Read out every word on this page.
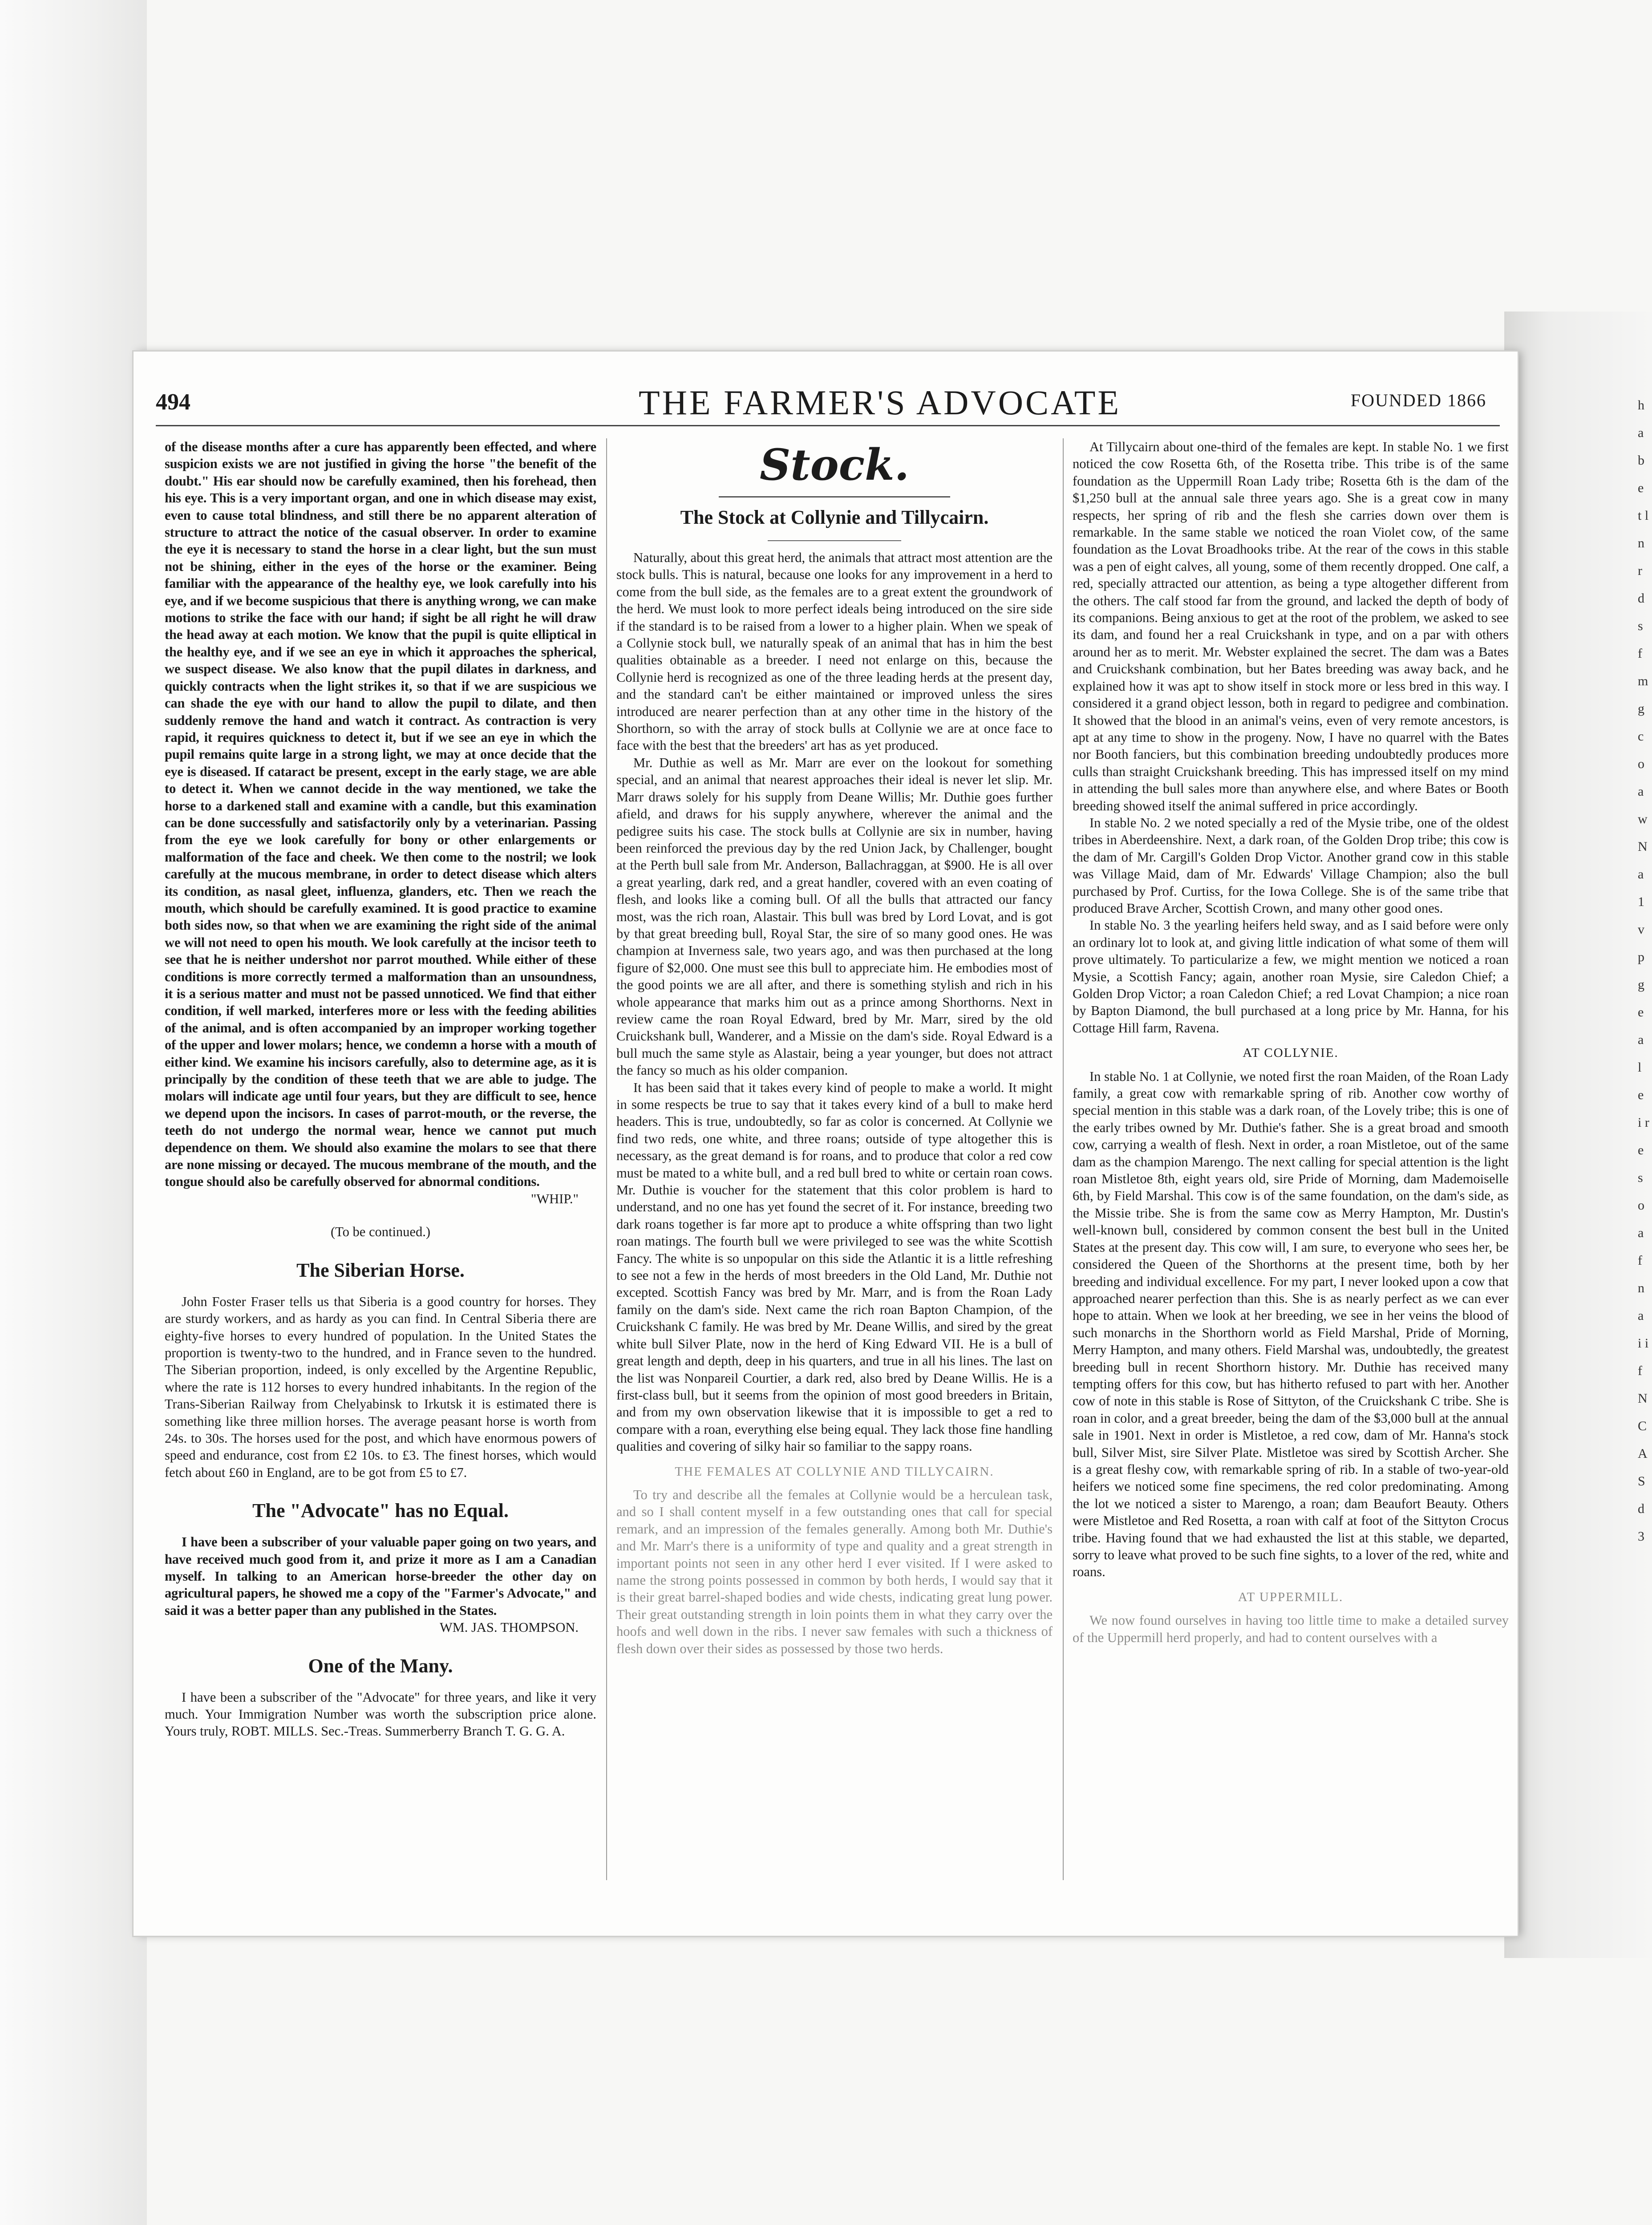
h a b e t l n r d s f m g c o a w N a 1 v p g e a l e i r e s o a f n a i i f N C A S d 3
494	THE FARMER'S ADVOCATE	FOUNDED 1866

of the disease months after a cure has apparently been effected, and where suspicion exists we are not justified in giving the horse "the benefit of the doubt." His ear should now be carefully examined, then his forehead, then his eye. This is a very important organ, and one in which disease may exist, even to cause total blindness, and still there be no apparent alteration of structure to attract the notice of the casual observer. In order to examine the eye it is necessary to stand the horse in a clear light, but the sun must not be shining, either in the eyes of the horse or the examiner. Being familiar with the appearance of the healthy eye, we look carefully into his eye, and if we become suspicious that there is anything wrong, we can make motions to strike the face with our hand; if sight be all right he will draw the head away at each motion. We know that the pupil is quite elliptical in the healthy eye, and if we see an eye in which it approaches the spherical, we suspect disease. We also know that the pupil dilates in darkness, and quickly contracts when the light strikes it, so that if we are suspicious we can shade the eye with our hand to allow the pupil to dilate, and then suddenly remove the hand and watch it contract. As contraction is very rapid, it requires quickness to detect it, but if we see an eye in which the pupil remains quite large in a strong light, we may at once decide that the eye is diseased. If cataract be present, except in the early stage, we are able to detect it. When we cannot decide in the way mentioned, we take the horse to a darkened stall and examine with a candle, but this examination can be done successfully and satisfactorily only by a veterinarian. Passing from the eye we look carefully for bony or other enlargements or malformation of the face and cheek. We then come to the nostril; we look carefully at the mucous membrane, in order to detect disease which alters its condition, as nasal gleet, influenza, glanders, etc. Then we reach the mouth, which should be carefully examined. It is good practice to examine both sides now, so that when we are examining the right side of the animal we will not need to open his mouth. We look carefully at the incisor teeth to see that he is neither undershot nor parrot mouthed. While either of these conditions is more correctly termed a malformation than an unsoundness, it is a serious matter and must not be passed unnoticed. We find that either condition, if well marked, interferes more or less with the feeding abilities of the animal, and is often accompanied by an improper working together of the upper and lower molars; hence, we condemn a horse with a mouth of either kind. We examine his incisors carefully, also to determine age, as it is principally by the condition of these teeth that we are able to judge. The molars will indicate age until four years, but they are difficult to see, hence we depend upon the incisors. In cases of parrot-mouth, or the reverse, the teeth do not undergo the normal wear, hence we cannot put much dependence on them. We should also examine the molars to see that there are none missing or decayed. The mucous membrane of the mouth, and the tongue should also be carefully observed for abnormal conditions.

"WHIP."

(To be continued.)
The Siberian Horse.

John Foster Fraser tells us that Siberia is a good country for horses. They are sturdy workers, and as hardy as you can find. In Central Siberia there are eighty-five horses to every hundred of population. In the United States the proportion is twenty-two to the hundred, and in France seven to the hundred. The Siberian proportion, indeed, is only excelled by the Argentine Republic, where the rate is 112 horses to every hundred inhabitants. In the region of the Trans-Siberian Railway from Chelyabinsk to Irkutsk it is estimated there is something like three million horses. The average peasant horse is worth from 24s. to 30s. The horses used for the post, and which have enormous powers of speed and endurance, cost from £2 10s. to £3. The finest horses, which would fetch about £60 in England, are to be got from £5 to £7.

The "Advocate" has no Equal.

I have been a subscriber of your valuable paper going on two years, and have received much good from it, and prize it more as I am a Canadian myself. In talking to an American horse-breeder the other day on agricultural papers, he showed me a copy of the "Farmer's Advocate," and said it was a better paper than any published in the States.

WM. JAS. THOMPSON.

One of the Many.

I have been a subscriber of the "Advocate" for three years, and like it very much. Your Immigration Number was worth the subscription price alone. Yours truly, ROBT. MILLS. Sec.-Treas. Summerberry Branch T. G. G. A.

Stock.
The Stock at Collynie and Tillycairn.

Naturally, about this great herd, the animals that attract most attention are the stock bulls. This is natural, because one looks for any improvement in a herd to come from the bull side, as the females are to a great extent the groundwork of the herd. We must look to more perfect ideals being introduced on the sire side if the standard is to be raised from a lower to a higher plain. When we speak of a Collynie stock bull, we naturally speak of an animal that has in him the best qualities obtainable as a breeder. I need not enlarge on this, because the Collynie herd is recognized as one of the three leading herds at the present day, and the standard can't be either maintained or improved unless the sires introduced are nearer perfection than at any other time in the history of the Shorthorn, so with the array of stock bulls at Collynie we are at once face to face with the best that the breeders' art has as yet produced.

Mr. Duthie as well as Mr. Marr are ever on the lookout for something special, and an animal that nearest approaches their ideal is never let slip. Mr. Marr draws solely for his supply from Deane Willis; Mr. Duthie goes further afield, and draws for his supply anywhere, wherever the animal and the pedigree suits his case. The stock bulls at Collynie are six in number, having been reinforced the previous day by the red Union Jack, by Challenger, bought at the Perth bull sale from Mr. Anderson, Ballachraggan, at $900. He is all over a great yearling, dark red, and a great handler, covered with an even coating of flesh, and looks like a coming bull. Of all the bulls that attracted our fancy most, was the rich roan, Alastair. This bull was bred by Lord Lovat, and is got by that great breeding bull, Royal Star, the sire of so many good ones. He was champion at Inverness sale, two years ago, and was then purchased at the long figure of $2,000. One must see this bull to appreciate him. He embodies most of the good points we are all after, and there is something stylish and rich in his whole appearance that marks him out as a prince among Shorthorns. Next in review came the roan Royal Edward, bred by Mr. Marr, sired by the old Cruickshank bull, Wanderer, and a Missie on the dam's side. Royal Edward is a bull much the same style as Alastair, being a year younger, but does not attract the fancy so much as his older companion.

It has been said that it takes every kind of people to make a world. It might in some respects be true to say that it takes every kind of a bull to make herd headers. This is true, undoubtedly, so far as color is concerned. At Collynie we find two reds, one white, and three roans; outside of type altogether this is necessary, as the great demand is for roans, and to produce that color a red cow must be mated to a white bull, and a red bull bred to white or certain roan cows. Mr. Duthie is voucher for the statement that this color problem is hard to understand, and no one has yet found the secret of it. For instance, breeding two dark roans together is far more apt to produce a white offspring than two light roan matings. The fourth bull we were privileged to see was the white Scottish Fancy. The white is so unpopular on this side the Atlantic it is a little refreshing to see not a few in the herds of most breeders in the Old Land, Mr. Duthie not excepted. Scottish Fancy was bred by Mr. Marr, and is from the Roan Lady family on the dam's side. Next came the rich roan Bapton Champion, of the Cruickshank C family. He was bred by Mr. Deane Willis, and sired by the great white bull Silver Plate, now in the herd of King Edward VII. He is a bull of great length and depth, deep in his quarters, and true in all his lines. The last on the list was Nonpareil Courtier, a dark red, also bred by Deane Willis. He is a first-class bull, but it seems from the opinion of most good breeders in Britain, and from my own observation likewise that it is impossible to get a red to compare with a roan, everything else being equal. They lack those fine handling qualities and covering of silky hair so familiar to the sappy roans.

THE FEMALES AT COLLYNIE AND TILLYCAIRN.

To try and describe all the females at Collynie would be a herculean task, and so I shall content myself in a few outstanding ones that call for special remark, and an impression of the females generally. Among both Mr. Duthie's and Mr. Marr's there is a uniformity of type and quality and a great strength in important points not seen in any other herd I ever visited. If I were asked to name the strong points possessed in common by both herds, I would say that it is their great barrel-shaped bodies and wide chests, indicating great lung power. Their great outstanding strength in loin points them in what they carry over the hoofs and well down in the ribs. I never saw females with such a thickness of flesh down over their sides as possessed by those two herds.

At Tillycairn about one-third of the females are kept. In stable No. 1 we first noticed the cow Rosetta 6th, of the Rosetta tribe. This tribe is of the same foundation as the Uppermill Roan Lady tribe; Rosetta 6th is the dam of the $1,250 bull at the annual sale three years ago. She is a great cow in many respects, her spring of rib and the flesh she carries down over them is remarkable. In the same stable we noticed the roan Violet cow, of the same foundation as the Lovat Broadhooks tribe. At the rear of the cows in this stable was a pen of eight calves, all young, some of them recently dropped. One calf, a red, specially attracted our attention, as being a type altogether different from the others. The calf stood far from the ground, and lacked the depth of body of its companions. Being anxious to get at the root of the problem, we asked to see its dam, and found her a real Cruickshank in type, and on a par with others around her as to merit. Mr. Webster explained the secret. The dam was a Bates and Cruickshank combination, but her Bates breeding was away back, and he explained how it was apt to show itself in stock more or less bred in this way. I considered it a grand object lesson, both in regard to pedigree and combination. It showed that the blood in an animal's veins, even of very remote ancestors, is apt at any time to show in the progeny. Now, I have no quarrel with the Bates nor Booth fanciers, but this combination breeding undoubtedly produces more culls than straight Cruickshank breeding. This has impressed itself on my mind in attending the bull sales more than anywhere else, and where Bates or Booth breeding showed itself the animal suffered in price accordingly.

In stable No. 2 we noted specially a red of the Mysie tribe, one of the oldest tribes in Aberdeenshire. Next, a dark roan, of the Golden Drop tribe; this cow is the dam of Mr. Cargill's Golden Drop Victor. Another grand cow in this stable was Village Maid, dam of Mr. Edwards' Village Champion; also the bull purchased by Prof. Curtiss, for the Iowa College. She is of the same tribe that produced Brave Archer, Scottish Crown, and many other good ones.

In stable No. 3 the yearling heifers held sway, and as I said before were only an ordinary lot to look at, and giving little indication of what some of them will prove ultimately. To particularize a few, we might mention we noticed a roan Mysie, a Scottish Fancy; again, another roan Mysie, sire Caledon Chief; a Golden Drop Victor; a roan Caledon Chief; a red Lovat Champion; a nice roan by Bapton Diamond, the bull purchased at a long price by Mr. Hanna, for his Cottage Hill farm, Ravena.

AT COLLYNIE.

In stable No. 1 at Collynie, we noted first the roan Maiden, of the Roan Lady family, a great cow with remarkable spring of rib. Another cow worthy of special mention in this stable was a dark roan, of the Lovely tribe; this is one of the early tribes owned by Mr. Duthie's father. She is a great broad and smooth cow, carrying a wealth of flesh. Next in order, a roan Mistletoe, out of the same dam as the champion Marengo. The next calling for special attention is the light roan Mistletoe 8th, eight years old, sire Pride of Morning, dam Mademoiselle 6th, by Field Marshal. This cow is of the same foundation, on the dam's side, as the Missie tribe. She is from the same cow as Merry Hampton, Mr. Dustin's well-known bull, considered by common consent the best bull in the United States at the present day. This cow will, I am sure, to everyone who sees her, be considered the Queen of the Shorthorns at the present time, both by her breeding and individual excellence. For my part, I never looked upon a cow that approached nearer perfection than this. She is as nearly perfect as we can ever hope to attain. When we look at her breeding, we see in her veins the blood of such monarchs in the Shorthorn world as Field Marshal, Pride of Morning, Merry Hampton, and many others. Field Marshal was, undoubtedly, the greatest breeding bull in recent Shorthorn history. Mr. Duthie has received many tempting offers for this cow, but has hitherto refused to part with her. Another cow of note in this stable is Rose of Sittyton, of the Cruickshank C tribe. She is roan in color, and a great breeder, being the dam of the $3,000 bull at the annual sale in 1901. Next in order is Mistletoe, a red cow, dam of Mr. Hanna's stock bull, Silver Mist, sire Silver Plate. Mistletoe was sired by Scottish Archer. She is a great fleshy cow, with remarkable spring of rib. In a stable of two-year-old heifers we noticed some fine specimens, the red color predominating. Among the lot we noticed a sister to Marengo, a roan; dam Beaufort Beauty. Others were Mistletoe and Red Rosetta, a roan with calf at foot of the Sittyton Crocus tribe. Having found that we had exhausted the list at this stable, we departed, sorry to leave what proved to be such fine sights, to a lover of the red, white and roans.

AT UPPERMILL.

We now found ourselves in having too little time to make a detailed survey of the Uppermill herd properly, and had to content ourselves with a
